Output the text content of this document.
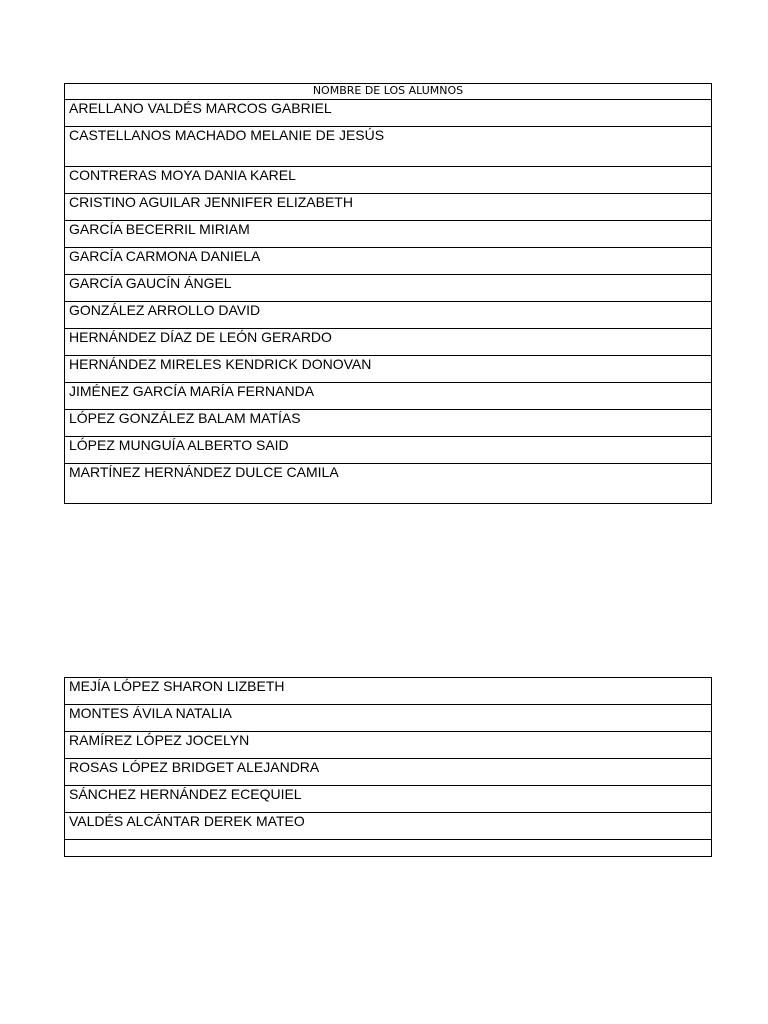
NOMBRE DE LOS ALUMNOS
ARELLANO VALDÉS MARCOS GABRIEL
CASTELLANOS MACHADO MELANIE DE JESÚS
CONTRERAS MOYA DANIA KAREL
CRISTINO AGUILAR JENNIFER ELIZABETH
GARCÍA BECERRIL MIRIAM
GARCÍA CARMONA DANIELA
GARCÍA GAUCÍN ÁNGEL
GONZÁLEZ ARROLLO DAVID
HERNÁNDEZ DÍAZ DE LEÓN GERARDO
HERNÁNDEZ MIRELES KENDRICK DONOVAN
JIMÉNEZ GARCÍA MARÍA FERNANDA
LÓPEZ GONZÁLEZ BALAM MATÍAS
LÓPEZ MUNGUÍA ALBERTO SAID
MARTÍNEZ HERNÁNDEZ DULCE CAMILA
MEJÍA LÓPEZ SHARON LIZBETH
MONTES ÁVILA NATALIA
RAMÍREZ LÓPEZ JOCELYN
ROSAS LÓPEZ BRIDGET ALEJANDRA
SÁNCHEZ HERNÁNDEZ ECEQUIEL
VALDÉS ALCÁNTAR DEREK MATEO
